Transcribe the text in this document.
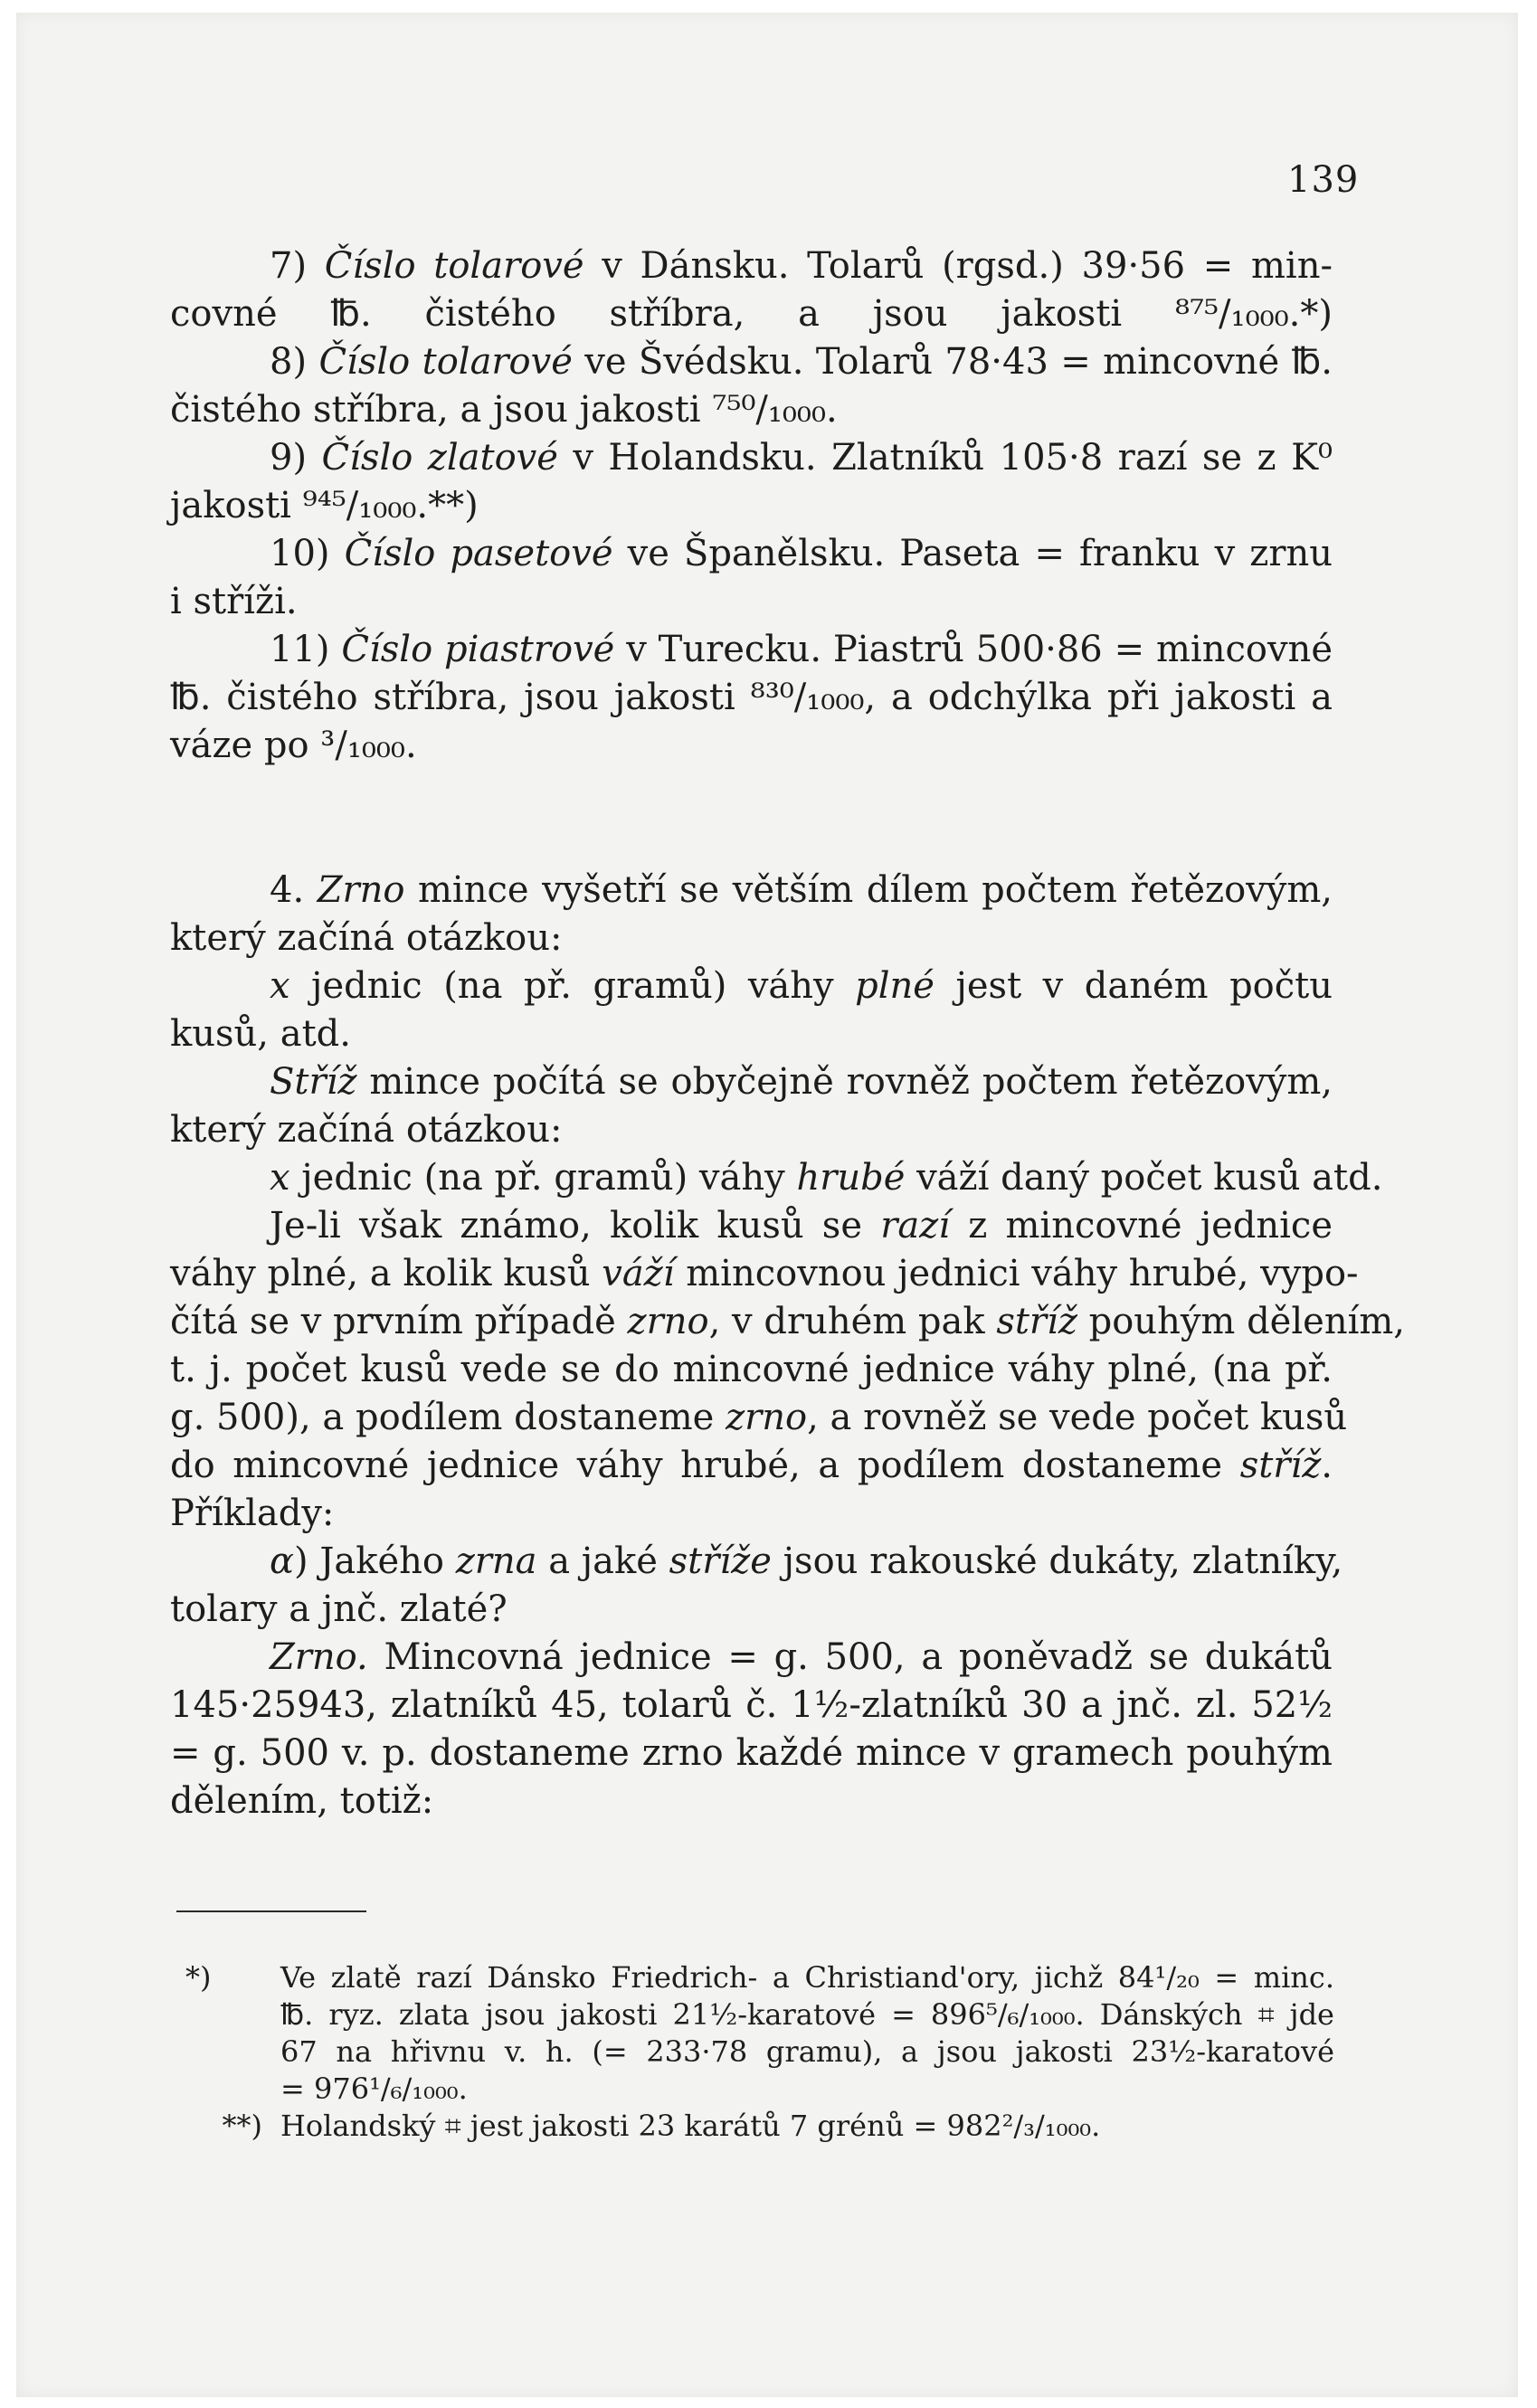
139
7) Číslo tolarové v Dánsku. Tolarů (rgsd.) 39·56 = min-
covné ℔. čistého stříbra, a jsou jakosti ⁸⁷⁵/₁₀₀₀.*)
8) Číslo tolarové ve Švédsku. Tolarů 78·43 = mincovné ℔.
čistého stříbra, a jsou jakosti ⁷⁵⁰/₁₀₀₀.
9) Číslo zlatové v Holandsku. Zlatníků 105·8 razí se z K⁰
jakosti ⁹⁴⁵/₁₀₀₀.**)
10) Číslo pasetové ve Španělsku. Paseta = franku v zrnu
i stříži.
11) Číslo piastrové v Turecku. Piastrů 500·86 = mincovné
℔. čistého stříbra, jsou jakosti ⁸³⁰/₁₀₀₀, a odchýlka při jakosti a
váze po ³/₁₀₀₀.
4. Zrno mince vyšetří se větším dílem počtem řetězovým,
který začíná otázkou:
x jednic (na př. gramů) váhy plné jest v daném počtu
kusů, atd.
Stříž mince počítá se obyčejně rovněž počtem řetězovým,
který začíná otázkou:
x jednic (na př. gramů) váhy hrubé váží daný počet kusů atd.
Je-li však známo, kolik kusů se razí z mincovné jednice
váhy plné, a kolik kusů váží mincovnou jednici váhy hrubé, vypo-
čítá se v prvním případě zrno, v druhém pak stříž pouhým dělením,
t. j. počet kusů vede se do mincovné jednice váhy plné, (na př.
g. 500), a podílem dostaneme zrno, a rovněž se vede počet kusů
do mincovné jednice váhy hrubé, a podílem dostaneme stříž.
Příklady:
α) Jakého zrna a jaké stříže jsou rakouské dukáty, zlatníky,
tolary a jnč. zlaté?
Zrno. Mincovná jednice = g. 500, a poněvadž se dukátů
145·25943, zlatníků 45, tolarů č. 1½-zlatníků 30 a jnč. zl. 52½
= g. 500 v. p. dostaneme zrno každé mince v gramech pouhým
dělením, totiž:
*) Ve zlatě razí Dánsko Friedrich- a Christiand'ory, jichž 84¹/₂₀ = minc.
℔. ryz. zlata jsou jakosti 21½-karatové = 896⁵/₆/₁₀₀₀. Dánských ⌗ jde
67 na hřivnu v. h. (= 233·78 gramu), a jsou jakosti 23½-karatové
= 976¹/₆/₁₀₀₀.
**) Holandský ⌗ jest jakosti 23 karátů 7 grénů = 982²/₃/₁₀₀₀.
